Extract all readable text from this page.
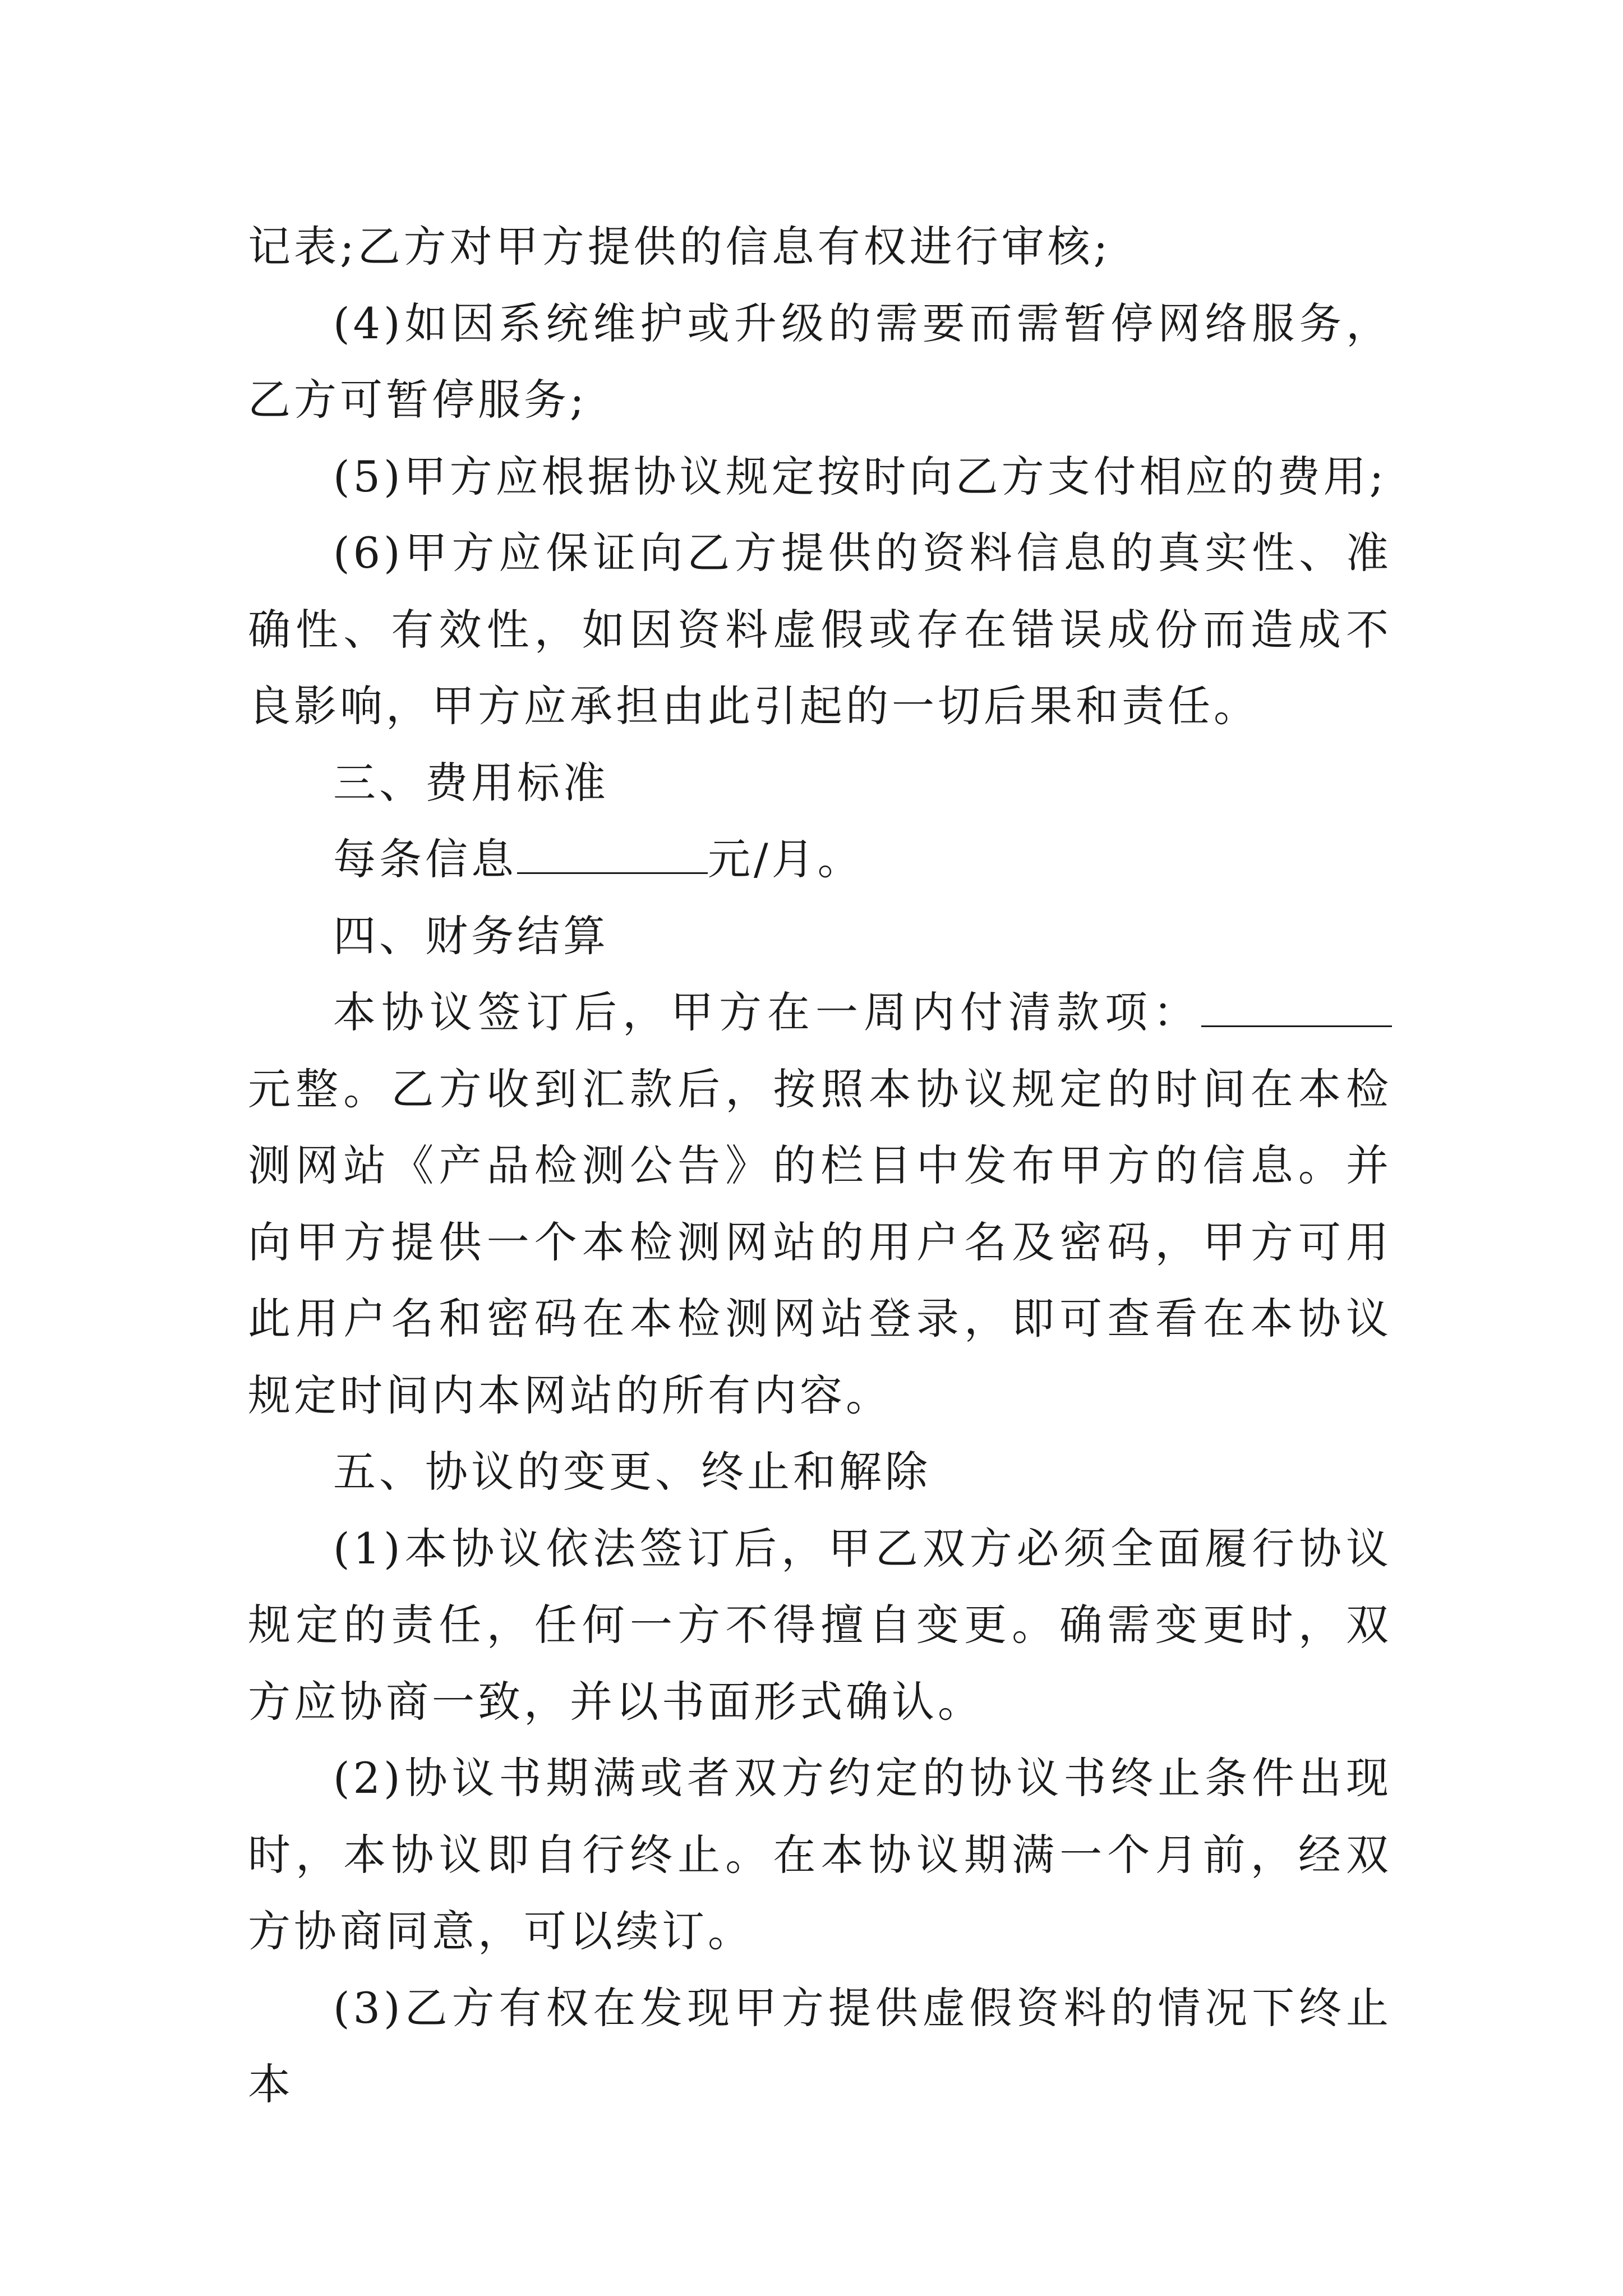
记表;乙方对甲方提供的信息有权进行审核;

(4)如因系统维护或升级的需要而需暂停网络服务，乙方可暂停服务;

(5)甲方应根据协议规定按时向乙方支付相应的费用;

(6)甲方应保证向乙方提供的资料信息的真实性、准确性、有效性，如因资料虚假或存在错误成份而造成不良影响，甲方应承担由此引起的一切后果和责任。

三、费用标准

每条信息	元/月。

四、财务结算

本协议签订后，甲方在一周内付清款项：元整。乙方收到汇款后，按照本协议规定的时间在本检测网站《产品检测公告》的栏目中发布甲方的信息。并向甲方提供一个本检测网站的用户名及密码，甲方可用此用户名和密码在本检测网站登录，即可查看在本协议规定时间内本网站的所有内容。

五、协议的变更、终止和解除

(1)本协议依法签订后，甲乙双方必须全面履行协议规定的责任，任何一方不得擅自变更。确需变更时，双方应协商一致，并以书面形式确认。

(2)协议书期满或者双方约定的协议书终止条件出现时，本协议即自行终止。在本协议期满一个月前，经双方协商同意，可以续订。

(3)乙方有权在发现甲方提供虚假资料的情况下终止本
